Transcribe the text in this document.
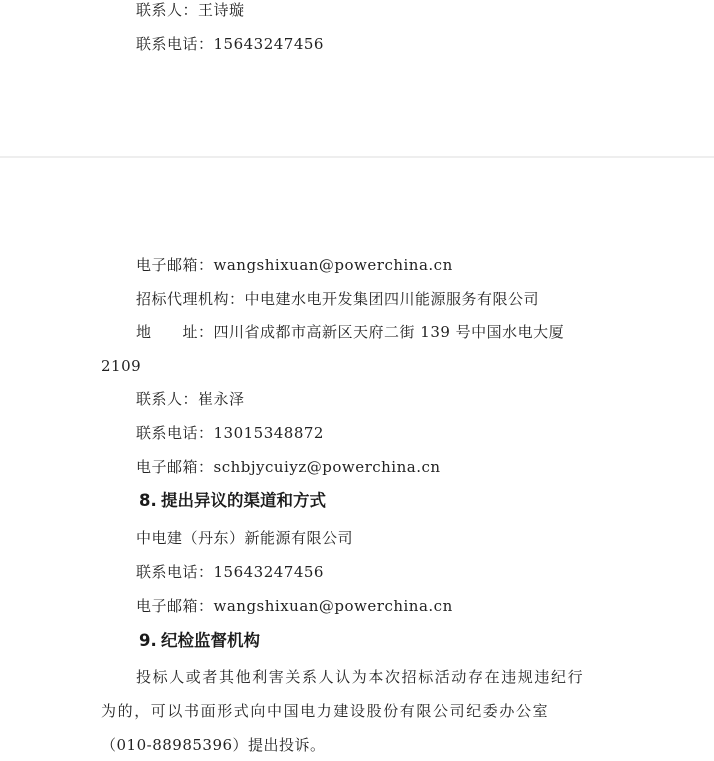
联系人：王诗璇
联系电话：15643247456
电子邮箱：wangshixuan@powerchina.cn
招标代理机构：中电建水电开发集团四川能源服务有限公司
地　　址：四川省成都市高新区天府二街 139 号中国水电大厦
2109
联系人：崔永泽
联系电话：13015348872
电子邮箱：schbjycuiyz@powerchina.cn
8. 提出异议的渠道和方式
中电建（丹东）新能源有限公司
联系电话：15643247456
电子邮箱：wangshixuan@powerchina.cn
9. 纪检监督机构
投标人或者其他利害关系人认为本次招标活动存在违规违纪行
为的，可以书面形式向中国电力建设股份有限公司纪委办公室
（010-88985396）提出投诉。
